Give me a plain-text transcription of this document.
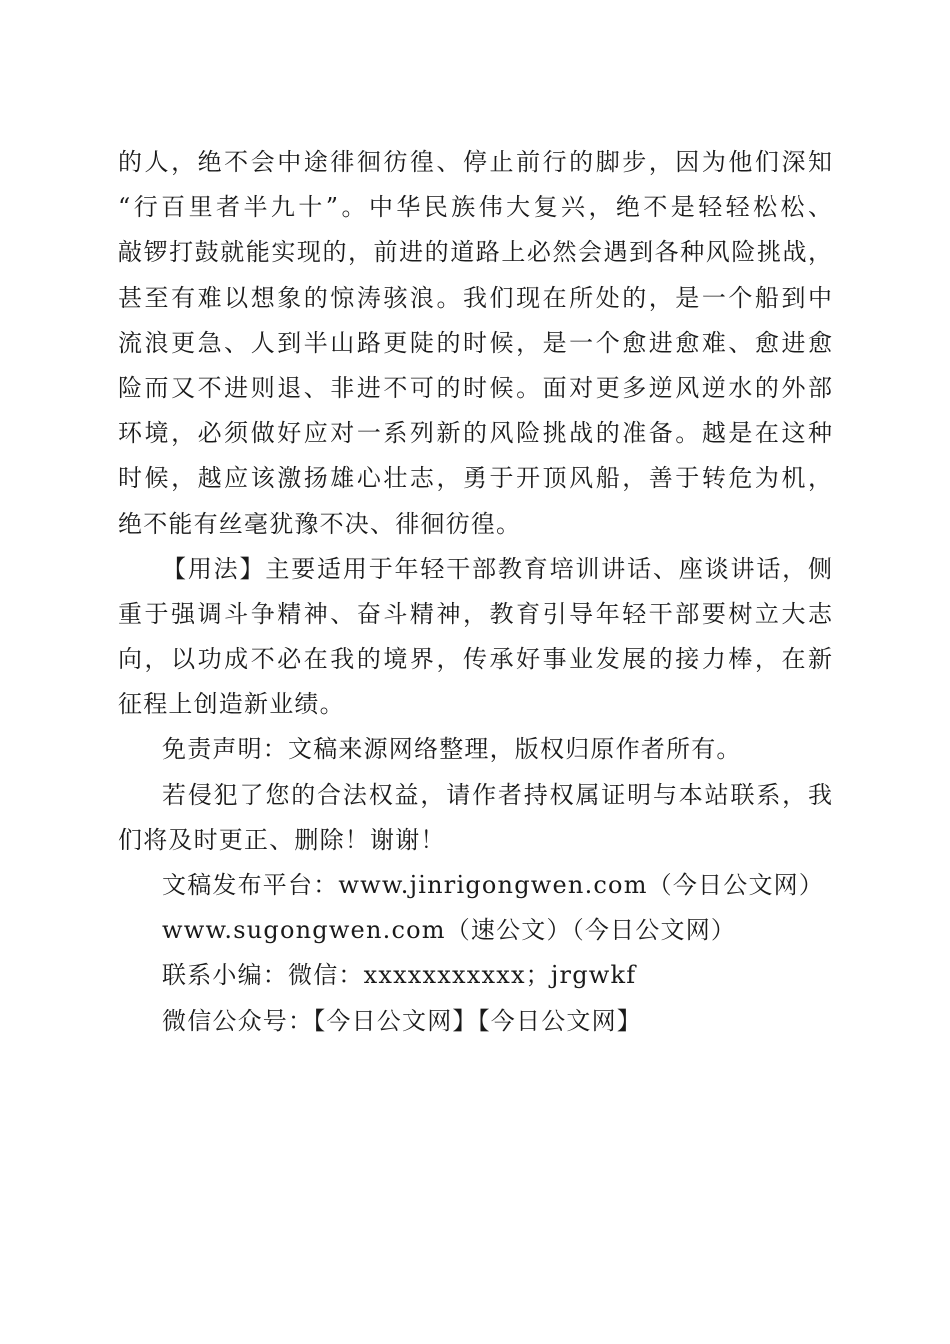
的人，绝不会中途徘徊彷徨、停止前行的脚步，因为他们深知
“行百里者半九十”。中华民族伟大复兴，绝不是轻轻松松、
敲锣打鼓就能实现的，前进的道路上必然会遇到各种风险挑战，
甚至有难以想象的惊涛骇浪。我们现在所处的，是一个船到中
流浪更急、人到半山路更陡的时候，是一个愈进愈难、愈进愈
险而又不进则退、非进不可的时候。面对更多逆风逆水的外部
环境，必须做好应对一系列新的风险挑战的准备。越是在这种
时候，越应该激扬雄心壮志，勇于开顶风船，善于转危为机，
绝不能有丝毫犹豫不决、徘徊彷徨。
【用法】主要适用于年轻干部教育培训讲话、座谈讲话，侧
重于强调斗争精神、奋斗精神，教育引导年轻干部要树立大志
向，以功成不必在我的境界，传承好事业发展的接力棒，在新
征程上创造新业绩。
免责声明：文稿来源网络整理，版权归原作者所有。
若侵犯了您的合法权益，请作者持权属证明与本站联系，我
们将及时更正、删除！谢谢！
文稿发布平台：www.jinrigongwen.com（今日公文网）
www.sugongwen.com（速公文）（今日公文网）
联系小编：微信：xxxxxxxxxxx；jrgwkf
微信公众号：【今日公文网】【今日公文网】
